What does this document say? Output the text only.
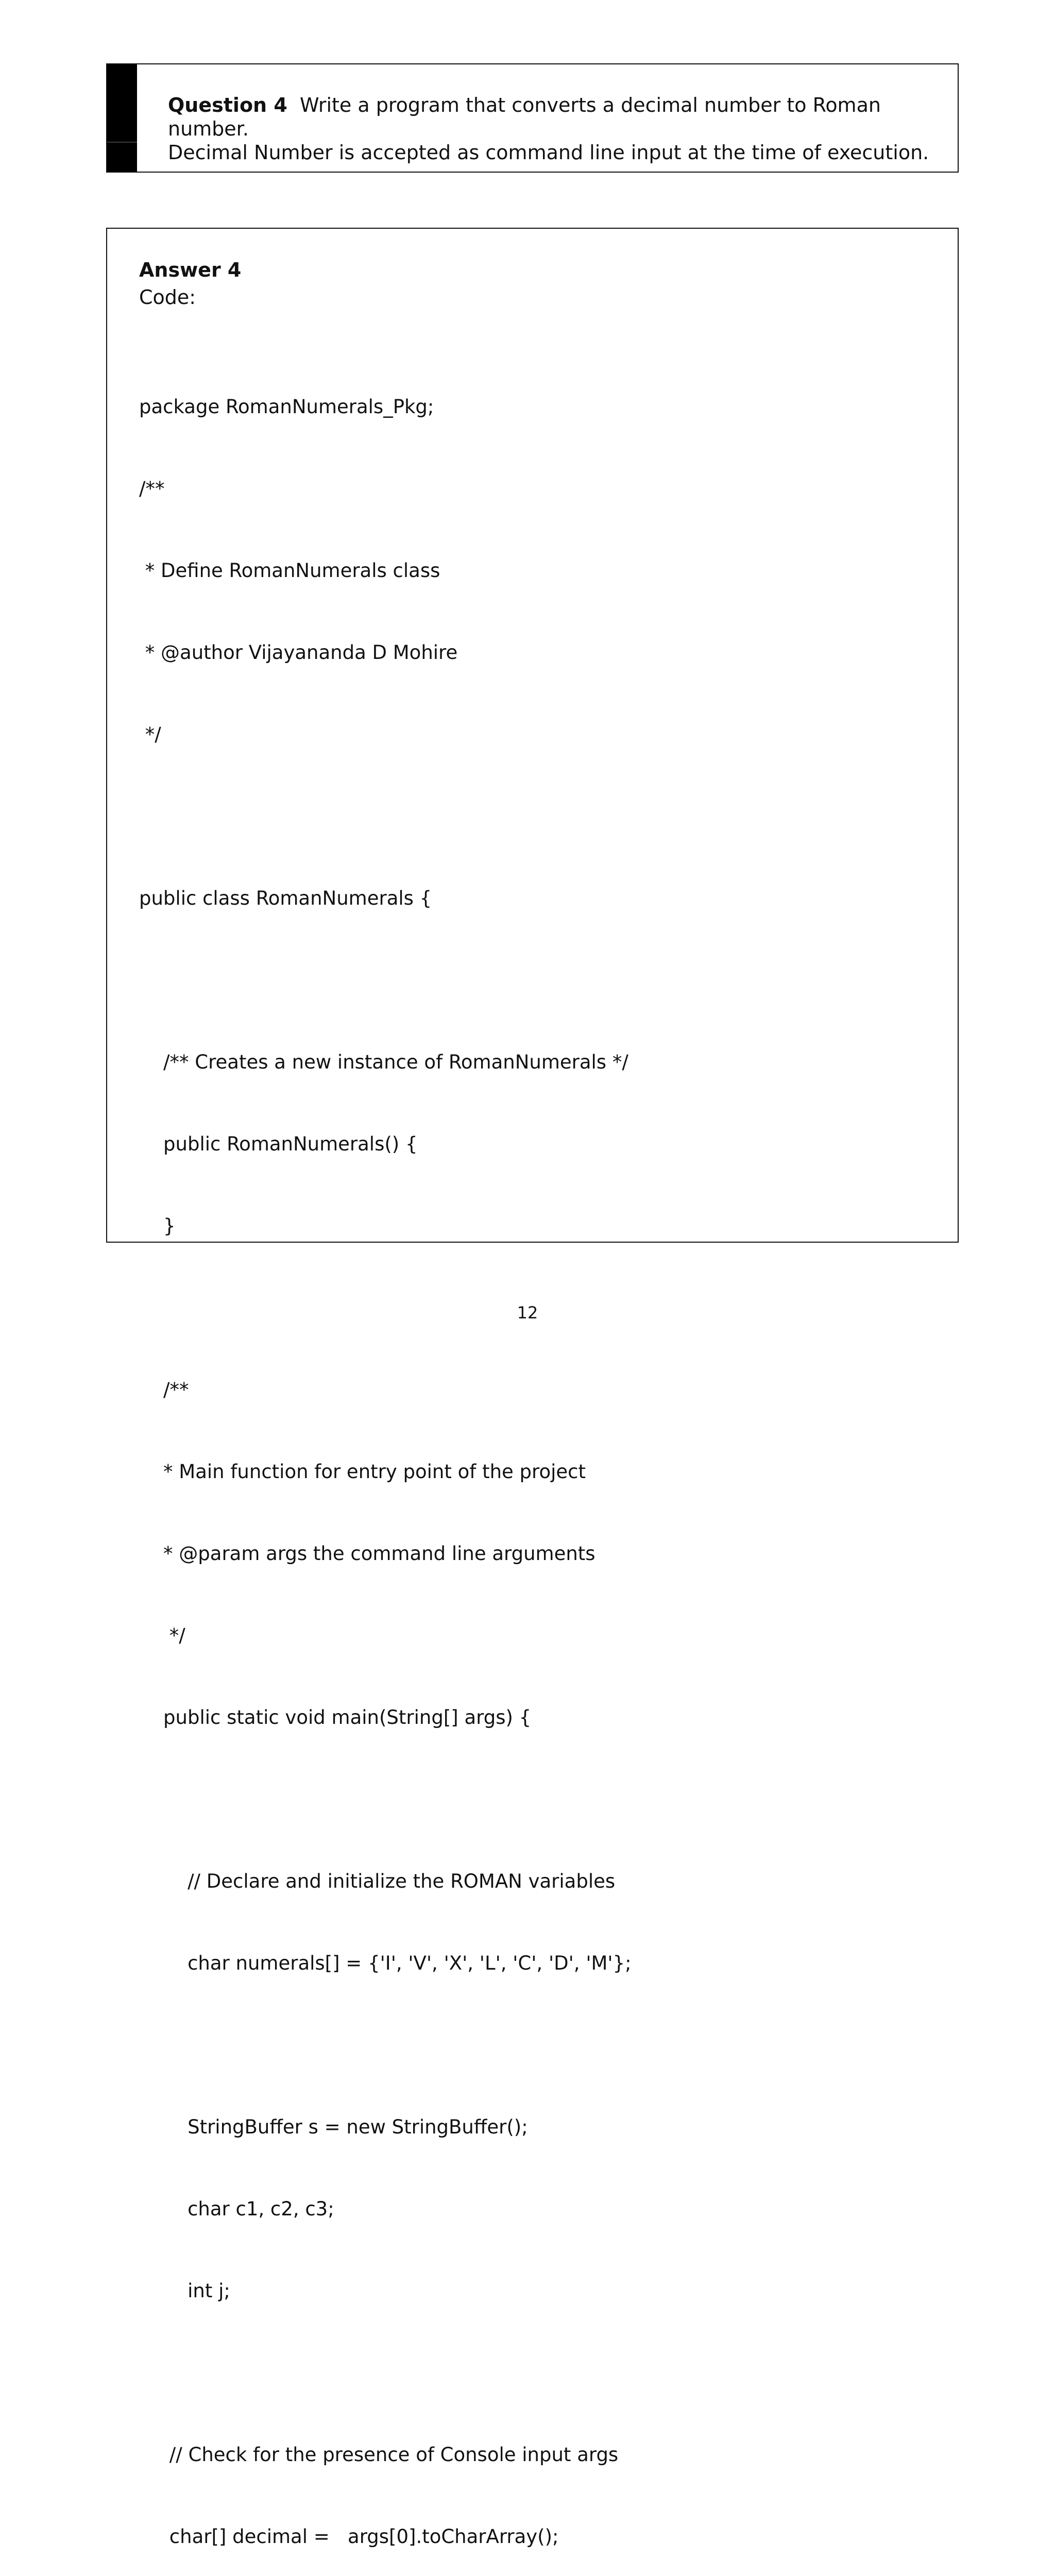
Question 4 Write a program that converts a decimal number to Roman number.
Decimal Number is accepted as command line input at the time of execution.
Answer 4
Code:

package RomanNumerals_Pkg;

/**

* Define RomanNumerals class

* @author Vijayananda D Mohire

*/

public class RomanNumerals {

/** Creates a new instance of RomanNumerals */

public RomanNumerals() {

}

/**

* Main function for entry point of the project

* @param args the command line arguments

*/

public static void main(String[] args) {

// Declare and initialize the ROMAN variables

char numerals[] = {'I', 'V', 'X', 'L', 'C', 'D', 'M'};

StringBuffer s = new StringBuffer();

char c1, c2, c3;

int j;

// Check for the presence of Console input args

char[] decimal =   args[0].toCharArray();

12
